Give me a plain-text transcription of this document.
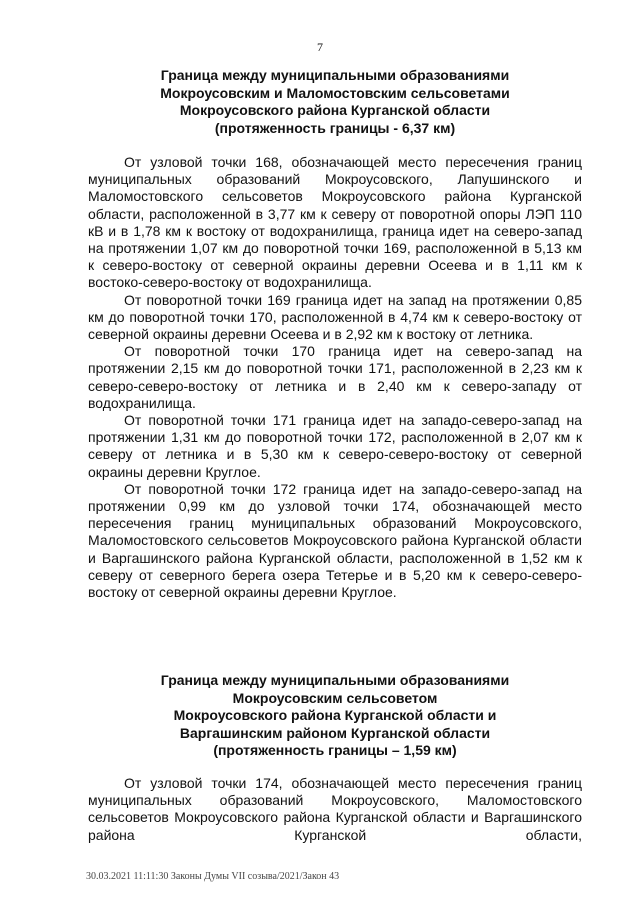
7
Граница между муниципальными образованиями
Мокроусовским и Маломостовским сельсоветами
Мокроусовского района Курганской области
(протяженность границы - 6,37 км)

От узловой точки 168, обозначающей место пересечения границ муниципальных образований Мокроусовского, Лапушинского и Маломостовского сельсоветов Мокроусовского района Курганской области, расположенной в 3,77 км к северу от поворотной опоры ЛЭП 110 кВ и в 1,78 км к востоку от водохранилища, граница идет на северо-запад на протяжении 1,07 км до поворотной точки 169, расположенной в 5,13 км к северо-востоку от северной окраины деревни Осеева и в 1,11 км к востоко-северо-востоку от водохранилища.

От поворотной точки 169 граница идет на запад на протяжении 0,85 км до поворотной точки 170, расположенной в 4,74 км к северо-востоку от северной окраины деревни Осеева и в 2,92 км к востоку от летника.

От поворотной точки 170 граница идет на северо-запад на протяжении 2,15 км до поворотной точки 171, расположенной в 2,23 км к северо-северо-востоку от летника и в 2,40 км к северо-западу от водохранилища.

От поворотной точки 171 граница идет на западо-северо-запад на протяжении 1,31 км до поворотной точки 172, расположенной в 2,07 км к северу от летника и в 5,30 км к северо-северо-востоку от северной окраины деревни Круглое.

От поворотной точки 172 граница идет на западо-северо-запад на протяжении 0,99 км до узловой точки 174, обозначающей место пересечения границ муниципальных образований Мокроусовского, Маломостовского сельсоветов Мокроусовского района Курганской области и Варгашинского района Курганской области, расположенной в 1,52 км к северу от северного берега озера Тетерье и в 5,20 км к северо-северо-востоку от северной окраины деревни Круглое.

Граница между муниципальными образованиями
Мокроусовским сельсоветом
Мокроусовского района Курганской области и
Варгашинским районом Курганской области
(протяженность границы – 1,59 км)

От узловой точки 174, обозначающей место пересечения границ муниципальных образований Мокроусовского, Маломостовского сельсоветов Мокроусовского района Курганской области и Варгашинского района Курганской области,

30.03.2021 11:11:30 Законы Думы VII созыва/2021/Закон 43
